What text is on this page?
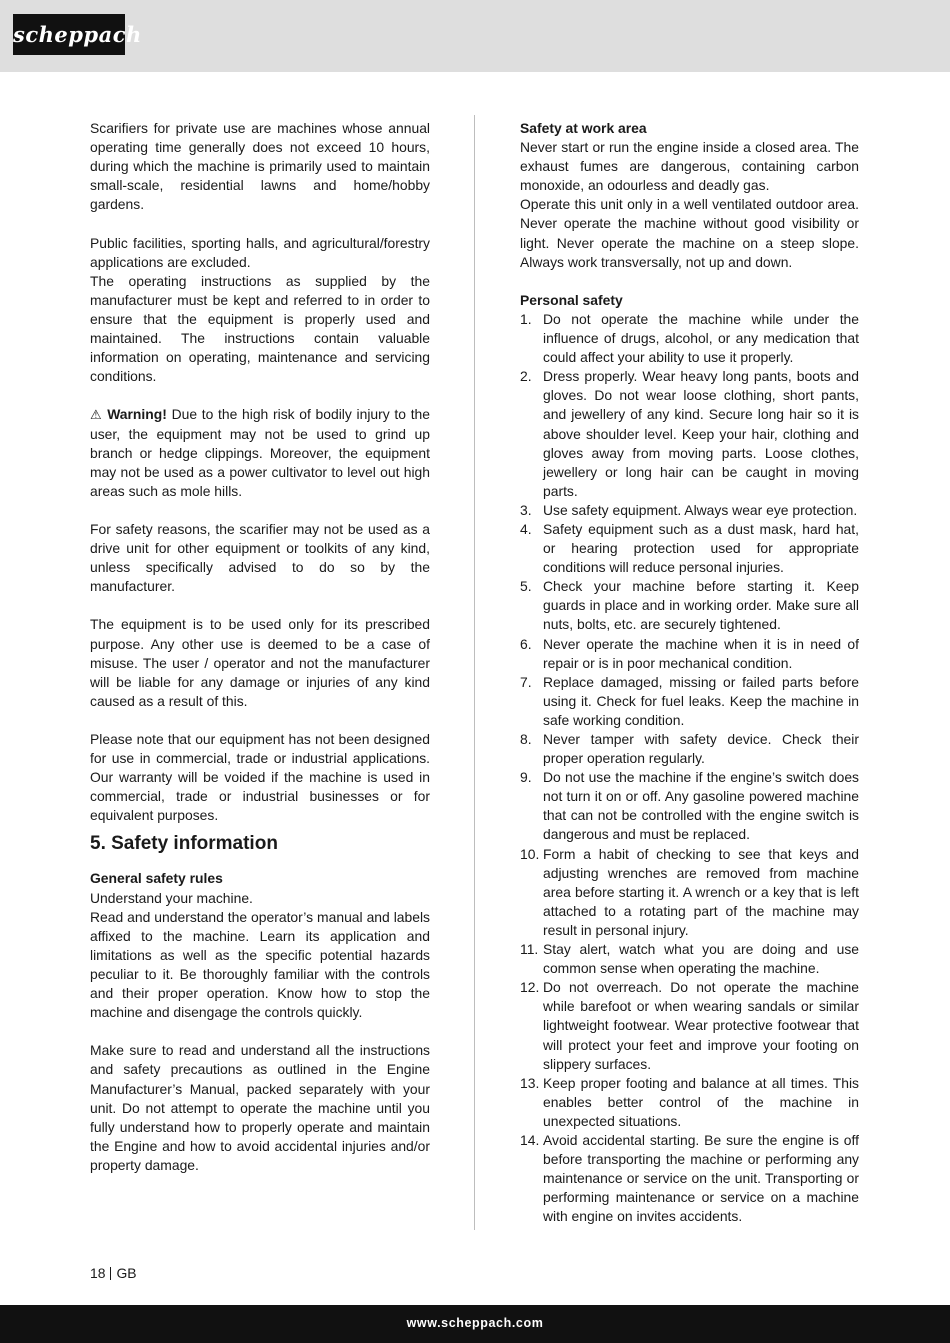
scheppach

Scarifiers for private use are machines whose annual operating time generally does not exceed 10 hours, during which the machine is primarily used to maintain small-scale, residential lawns and home/hobby gardens.

Public facilities, sporting halls, and agricultural/forestry applications are excluded.

The operating instructions as supplied by the manufacturer must be kept and referred to in order to ensure that the equipment is properly used and maintained. The instructions contain valuable information on operating, maintenance and servicing conditions.

⚠ Warning! Due to the high risk of bodily injury to the user, the equipment may not be used to grind up branch or hedge clippings. Moreover, the equipment may not be used as a power cultivator to level out high areas such as mole hills.

For safety reasons, the scarifier may not be used as a drive unit for other equipment or toolkits of any kind, unless specifically advised to do so by the manufacturer.

The equipment is to be used only for its prescribed purpose. Any other use is deemed to be a case of misuse. The user / operator and not the manufacturer will be liable for any damage or injuries of any kind caused as a result of this.

Please note that our equipment has not been designed for use in commercial, trade or industrial applications. Our warranty will be voided if the machine is used in commercial, trade or industrial businesses or for equivalent purposes.

5. Safety information

General safety rules

Understand your machine.

Read and understand the operator’s manual and labels affixed to the machine. Learn its application and limitations as well as the specific potential hazards peculiar to it. Be thoroughly familiar with the controls and their proper operation. Know how to stop the machine and disengage the controls quickly.

Make sure to read and understand all the instructions and safety precautions as outlined in the Engine Manufacturer’s Manual, packed separately with your unit. Do not attempt to operate the machine until you fully understand how to properly operate and maintain the Engine and how to avoid accidental injuries and/or property damage.

Safety at work area

Never start or run the engine inside a closed area. The exhaust fumes are dangerous, containing carbon monoxide, an odourless and deadly gas.

Operate this unit only in a well ventilated outdoor area. Never operate the machine without good visibility or light. Never operate the machine on a steep slope. Always work transversally, not up and down.

Personal safety

1. Do not operate the machine while under the influence of drugs, alcohol, or any medication that could affect your ability to use it properly.
2. Dress properly. Wear heavy long pants, boots and gloves. Do not wear loose clothing, short pants, and jewellery of any kind. Secure long hair so it is above shoulder level. Keep your hair, clothing and gloves away from moving parts. Loose clothes, jewellery or long hair can be caught in moving parts.
3. Use safety equipment. Always wear eye protection.
4. Safety equipment such as a dust mask, hard hat, or hearing protection used for appropriate conditions will reduce personal injuries.
5. Check your machine before starting it. Keep guards in place and in working order. Make sure all nuts, bolts, etc. are securely tightened.
6. Never operate the machine when it is in need of repair or is in poor mechanical condition.
7. Replace damaged, missing or failed parts before using it. Check for fuel leaks. Keep the machine in safe working condition.
8. Never tamper with safety device. Check their proper operation regularly.
9. Do not use the machine if the engine’s switch does not turn it on or off. Any gasoline powered machine that can not be controlled with the engine switch is dangerous and must be replaced.
10. Form a habit of checking to see that keys and adjusting wrenches are removed from machine area before starting it. A wrench or a key that is left attached to a rotating part of the machine may result in personal injury.
11. Stay alert, watch what you are doing and use common sense when operating the machine.
12. Do not overreach. Do not operate the machine while barefoot or when wearing sandals or similar lightweight footwear. Wear protective footwear that will protect your feet and improve your footing on slippery surfaces.
13. Keep proper footing and balance at all times. This enables better control of the machine in unexpected situations.
14. Avoid accidental starting. Be sure the engine is off before transporting the machine or performing any maintenance or service on the unit. Transporting or performing maintenance or service on a machine with engine on invites accidents.
18 GB
www.scheppach.com
